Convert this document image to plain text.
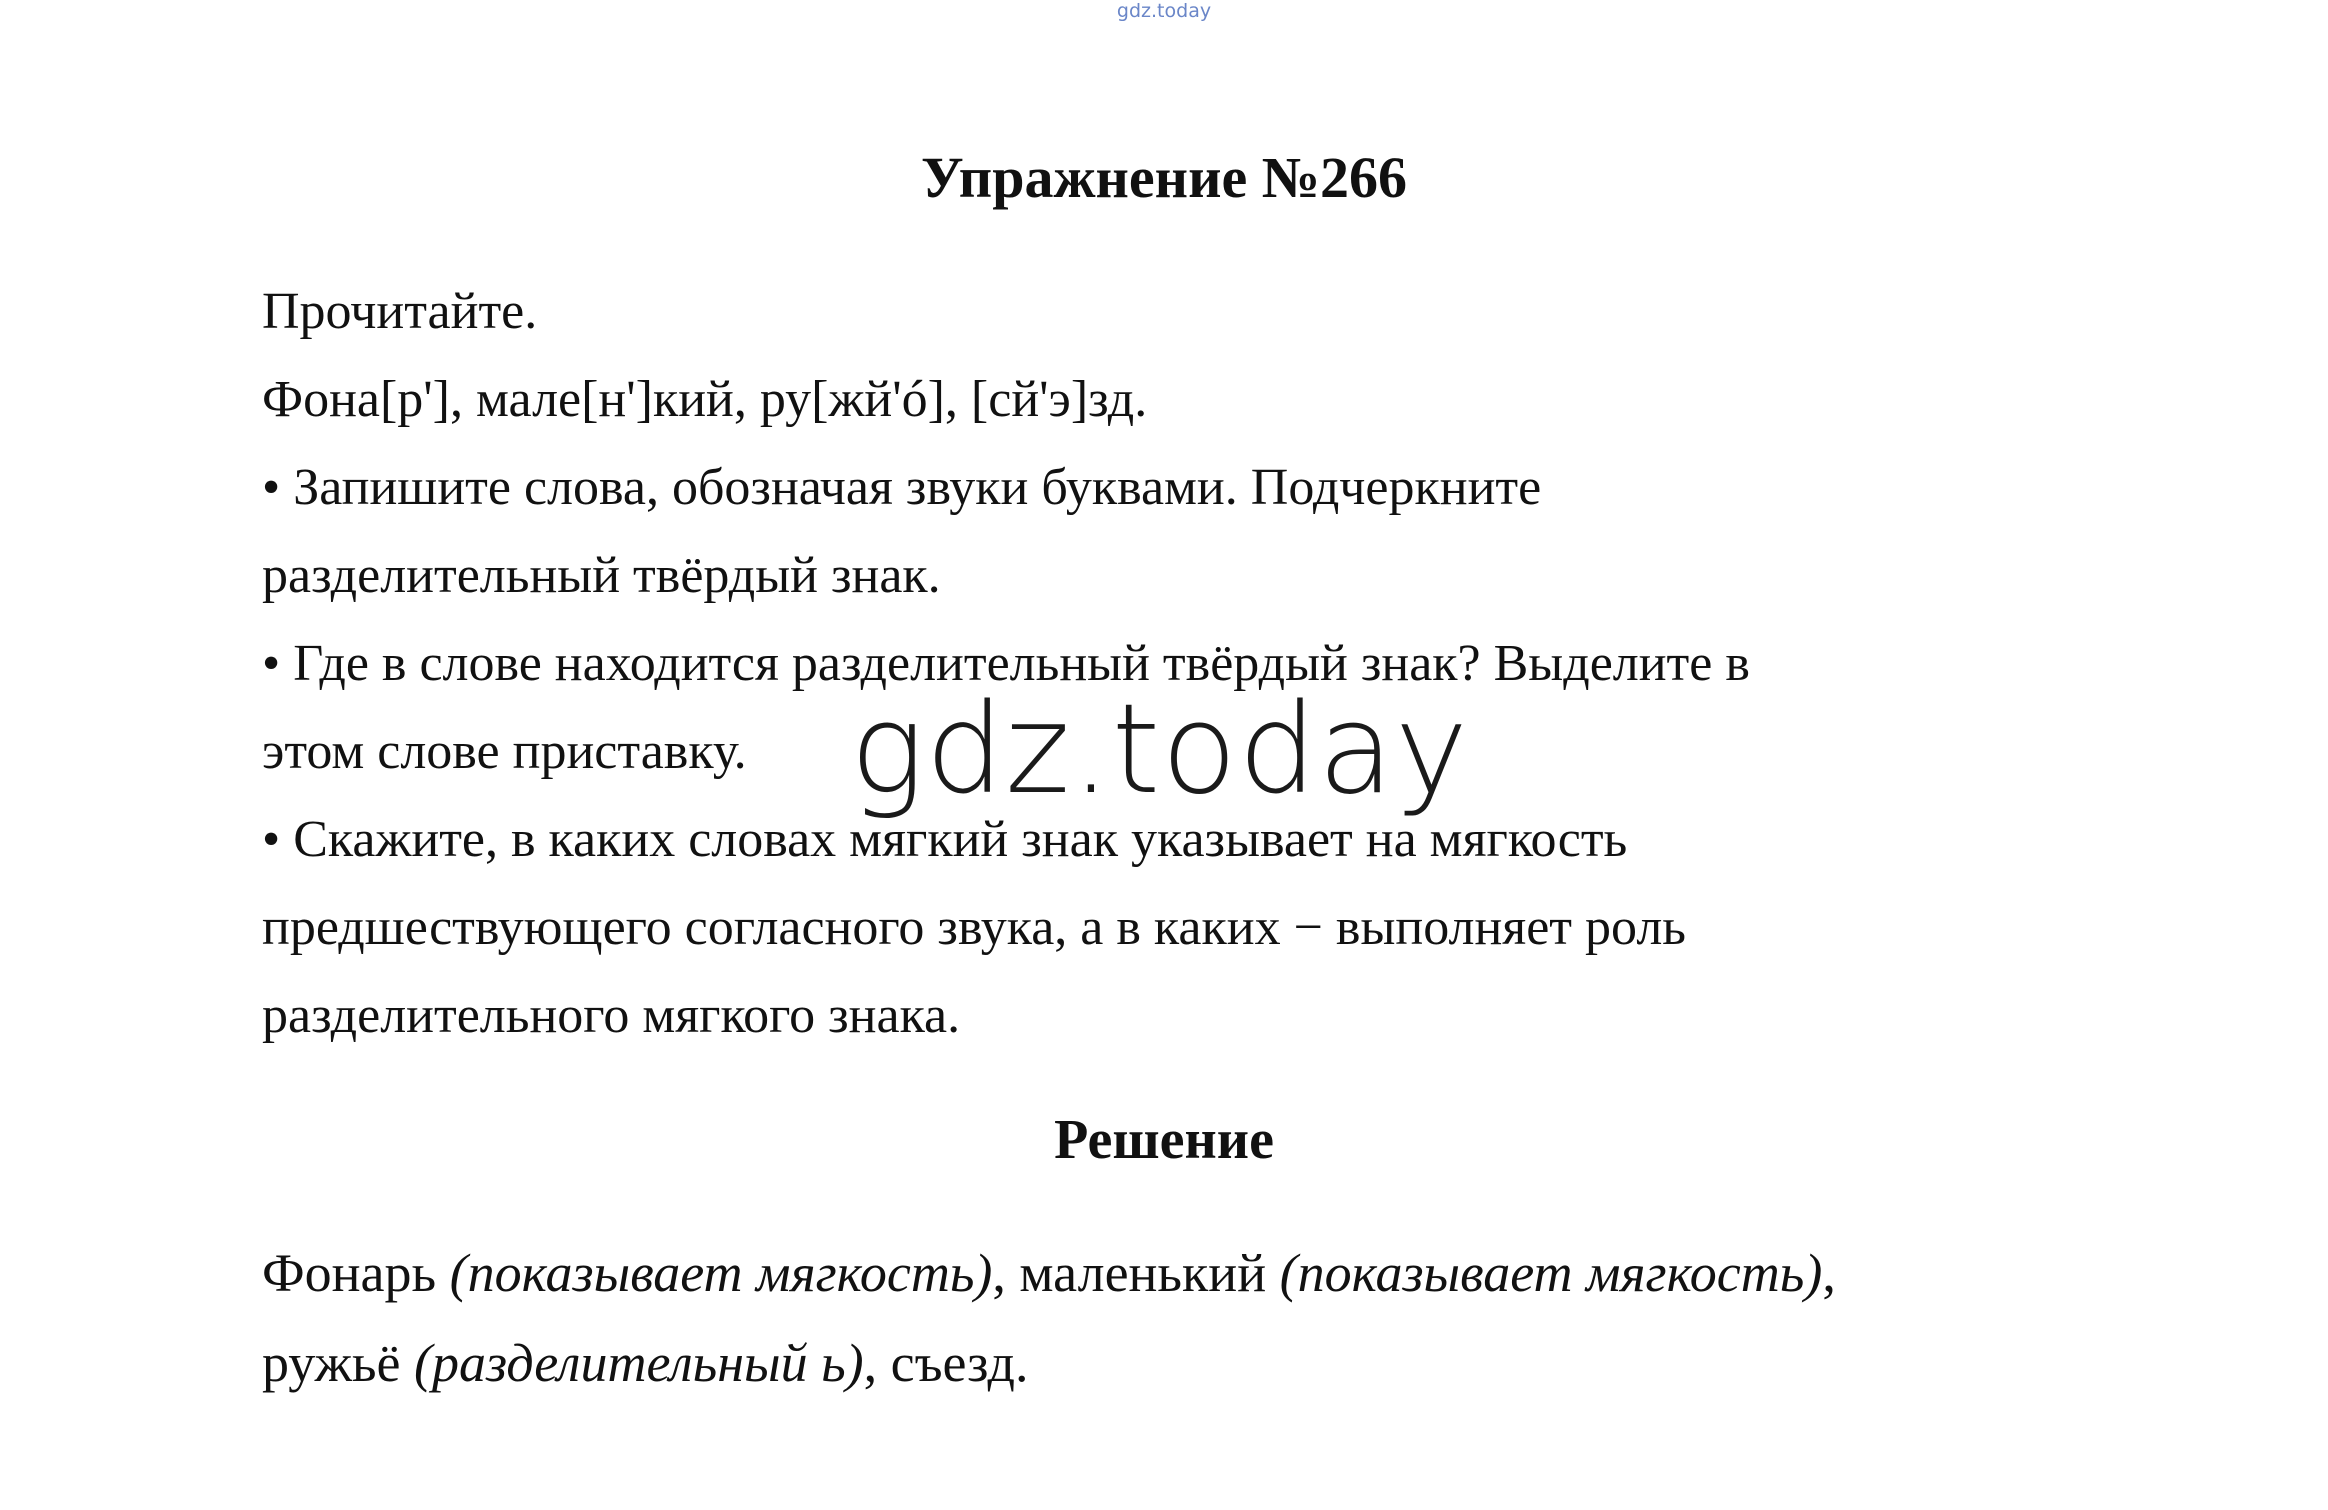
gdz.today
Упражнение №266

Прочитайте.

Фона[р'], мале[н']кий, ру[жй'ó], [сй'э]зд.

• Запишите слова, обозначая звуки буквами. Подчеркните

разделительный твёрдый знак.

• Где в слове находится разделительный твёрдый знак? Выделите в

этом слове приставку.

• Скажите, в каких словах мягкий знак указывает на мягкость

предшествующего согласного звука, а в каких − выполняет роль

разделительного мягкого знака.

gdz.today
Решение

Фонарь (показывает мягкость), маленький (показывает мягкость),

ружьё (разделительный ь), съезд.
